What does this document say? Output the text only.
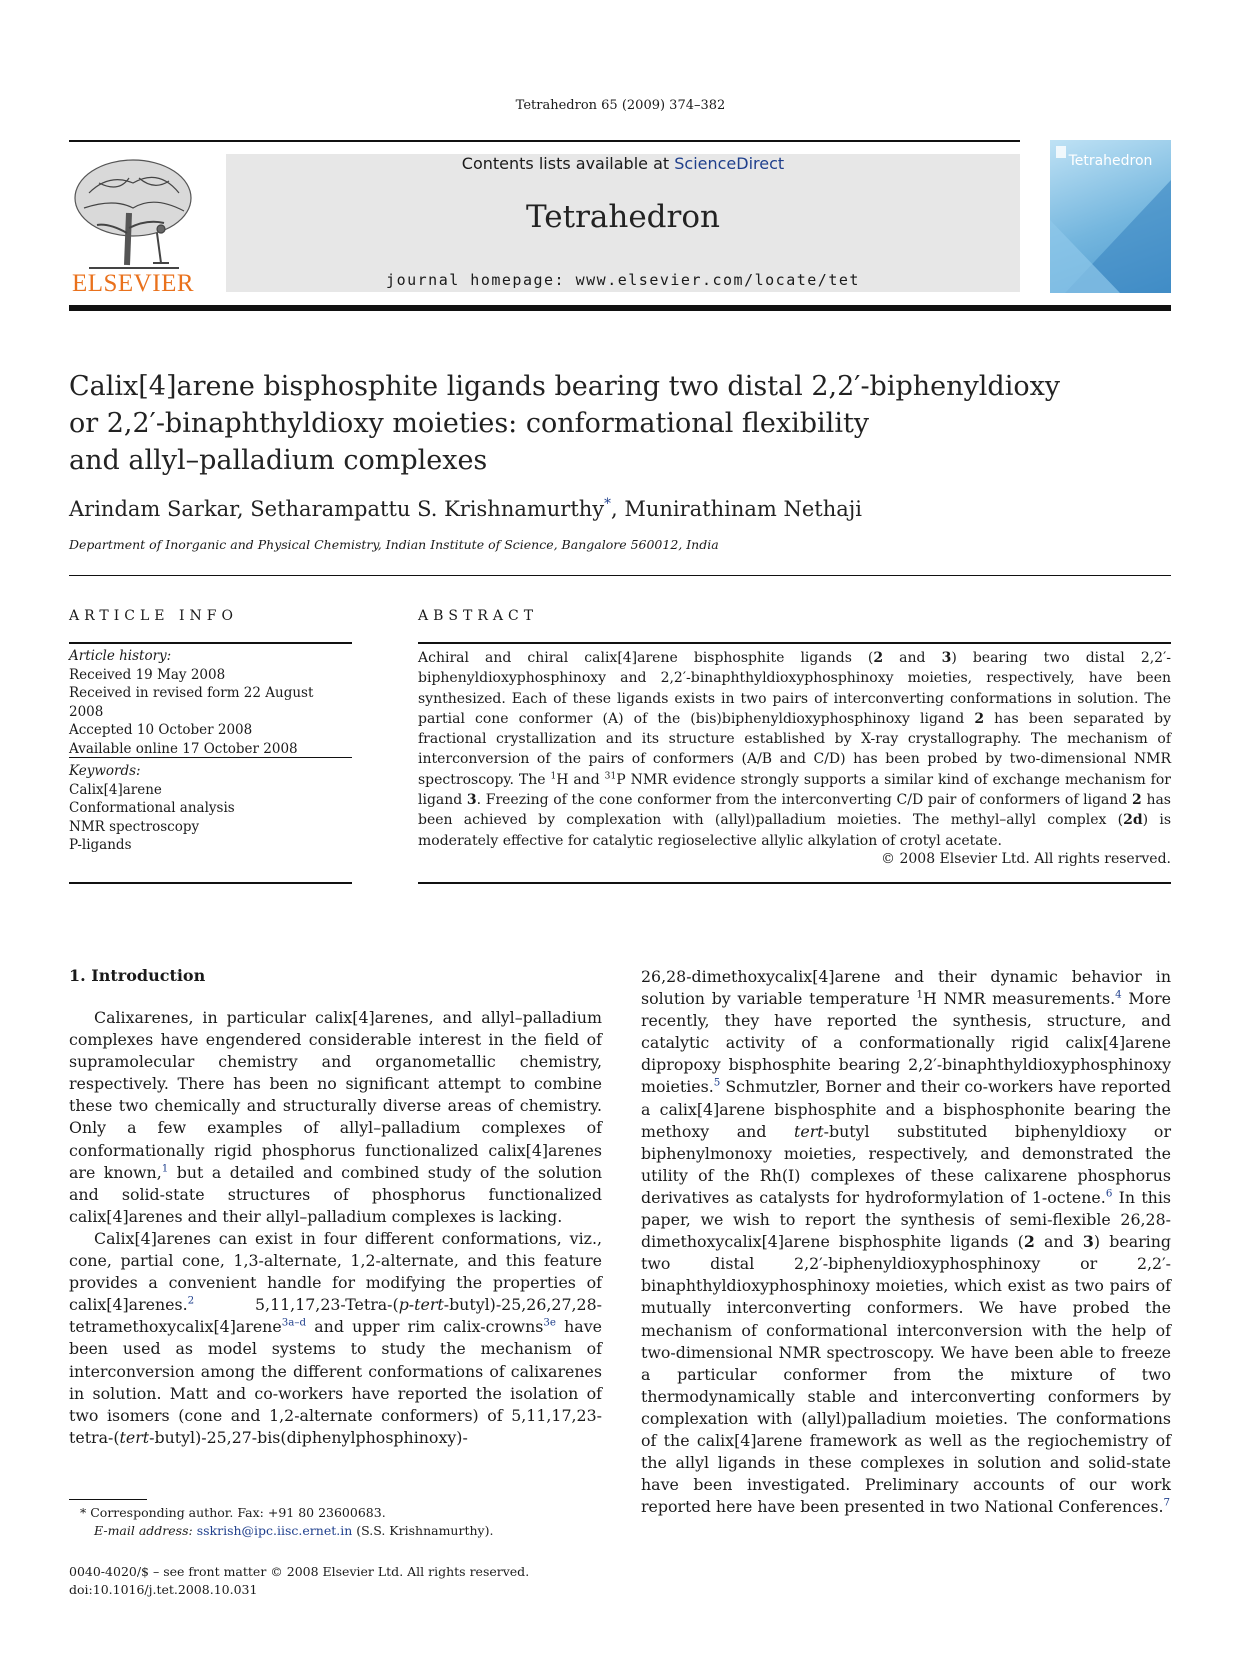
Tetrahedron 65 (2009) 374–382
ELSEVIER
Contents lists available at ScienceDirect
Tetrahedron
journal homepage: www.elsevier.com/locate/tet
Tetrahedron
Calix[4]arene bisphosphite ligands bearing two distal 2,2′-biphenyldioxy
or 2,2′-binaphthyldioxy moieties: conformational flexibility
and allyl–palladium complexes
Arindam Sarkar, Setharampattu S. Krishnamurthy*, Munirathinam Nethaji
Department of Inorganic and Physical Chemistry, Indian Institute of Science, Bangalore 560012, India
ARTICLE INFO
Article history:
Received 19 May 2008
Received in revised form 22 August 2008
Accepted 10 October 2008
Available online 17 October 2008
Keywords:
Calix[4]arene
Conformational analysis
NMR spectroscopy
P-ligands
ABSTRACT
Achiral and chiral calix[4]arene bisphosphite ligands (2 and 3) bearing two distal 2,2′-biphenyldioxyphosphinoxy and 2,2′-binaphthyldioxyphosphinoxy moieties, respectively, have been synthesized. Each of these ligands exists in two pairs of interconverting conformations in solution. The partial cone conformer (A) of the (bis)biphenyldioxyphosphinoxy ligand 2 has been separated by fractional crystallization and its structure established by X-ray crystallography. The mechanism of interconversion of the pairs of conformers (A/B and C/D) has been probed by two-dimensional NMR spectroscopy. The $^1$H and $^{31}$P NMR evidence strongly supports a similar kind of exchange mechanism for ligand 3. Freezing of the cone conformer from the interconverting C/D pair of conformers of ligand 2 has been achieved by complexation with (allyl)palladium moieties. The methyl–allyl complex (2d) is moderately effective for catalytic regioselective allylic alkylation of crotyl acetate.
© 2008 Elsevier Ltd. All rights reserved.
1. Introduction

Calixarenes, in particular calix[4]arenes, and allyl–palladium complexes have engendered considerable interest in the field of supramolecular chemistry and organometallic chemistry, respectively. There has been no significant attempt to combine these two chemically and structurally diverse areas of chemistry. Only a few examples of allyl–palladium complexes of conformationally rigid phosphorus functionalized calix[4]arenes are known,$^1$ but a detailed and combined study of the solution and solid-state structures of phosphorus functionalized calix[4]arenes and their allyl–palladium complexes is lacking.

Calix[4]arenes can exist in four different conformations, viz., cone, partial cone, 1,3-alternate, 1,2-alternate, and this feature provides a convenient handle for modifying the properties of calix[4]arenes.$^2$ 5,11,17,23-Tetra-(p-tert-butyl)-25,26,27,28-tetramethoxycalix[4]arene$^{3a-d}$ and upper rim calix-crowns$^{3e}$ have been used as model systems to study the mechanism of interconversion among the different conformations of calixarenes in solution. Matt and co-workers have reported the isolation of two isomers (cone and 1,2-alternate conformers) of 5,11,17,23-tetra-(tert-butyl)-25,27-bis(diphenylphosphinoxy)-

26,28-dimethoxycalix[4]arene and their dynamic behavior in solution by variable temperature $^1$H NMR measurements.$^4$ More recently, they have reported the synthesis, structure, and catalytic activity of a conformationally rigid calix[4]arene dipropoxy bisphosphite bearing 2,2′-binaphthyldioxyphosphinoxy moieties.$^5$ Schmutzler, Borner and their co-workers have reported a calix[4]arene bisphosphite and a bisphosphonite bearing the methoxy and tert-butyl substituted biphenyldioxy or biphenylmonoxy moieties, respectively, and demonstrated the utility of the Rh(I) complexes of these calixarene phosphorus derivatives as catalysts for hydroformylation of 1-octene.$^6$ In this paper, we wish to report the synthesis of semi-flexible 26,28-dimethoxycalix[4]arene bisphosphite ligands (2 and 3) bearing two distal 2,2′-biphenyldioxyphosphinoxy or 2,2′-binaphthyldioxyphosphinoxy moieties, which exist as two pairs of mutually interconverting conformers. We have probed the mechanism of conformational interconversion with the help of two-dimensional NMR spectroscopy. We have been able to freeze a particular conformer from the mixture of two thermodynamically stable and interconverting conformers by complexation with (allyl)palladium moieties. The conformations of the calix[4]arene framework as well as the regiochemistry of the allyl ligands in these complexes in solution and solid-state have been investigated. Preliminary accounts of our work reported here have been presented in two National Conferences.$^7$

* Corresponding author. Fax: +91 80 23600683.
E-mail address: sskrish@ipc.iisc.ernet.in (S.S. Krishnamurthy).
0040-4020/$ – see front matter © 2008 Elsevier Ltd. All rights reserved.
doi:10.1016/j.tet.2008.10.031
